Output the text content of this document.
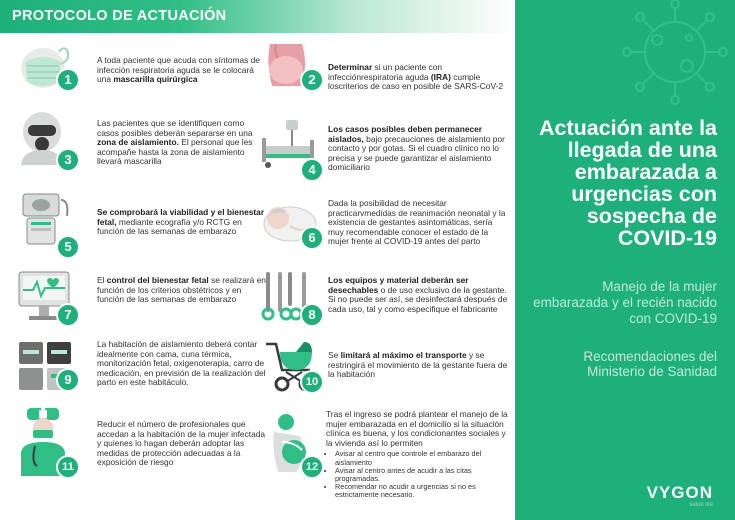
PROTOCOLO DE ACTUACIÓN
1
A toda paciente que acuda con síntomas de infección respiratoria aguda se le colocará una mascarilla quirúrgica	2
Determinar si un paciente con infecciónrespiratoria aguda (IRA) cumple loscriterios de caso en posible de SARS-CoV-2
3
Las pacientes que se identifiquen como casos posibles deberán separarse en una zona de aislamiento. El personal que les acompañe hasta la zona de aislamiento llevará mascarilla
4
Los casos posibles deben permanecer aislados, bajo precauciones de aislamiento por contacto y por gotas. Si el cuadro clínico no lo precisa y se puede garantizar el aislamiento domiciliario
5
Se comprobará la viabilidad y el bienestar fetal, mediante ecografía y/o RCTG en función de las semanas de embarazo	6
Dada la posibilidad de necesitar practicarvmedidas de reanimación neonatal y la existencia de gestantes asintomáticas, sería muy recomendable conocer el estado de la mujer frente al COVID-19 antes del parto
7
El control del bienestar fetal se realizará en función de los criterios obstétricos y en función de las semanas de embarazo
8
Los equipos y material deberán ser desechables o de uso exclusivo de la gestante. Si no puede ser así, se desinfectará después de cada uso, tal y como especifique el fabricante
9
La habitación de aislamiento deberá contar idealmente con cama, cuna térmica, monitorización fetal, oxigenoterapia, carro de medicación, en previsión de la realización del parto en este habitáculo.	10
Se limitará al máximo el transporte y se restringirá el movimiento de la gestante fuera de la habitación
11
Reducir el número de profesionales que accedan a la habitación de la mujer infectada y quienes lo hagan deberán adoptar las medidas de protección adecuadas a la exposición de riesgo	12
Tras el ingreso se podrá plantear el manejo de la mujer embarazada en el domicilio si la situación clínica es buena, y los condicionantes sociales y la vivienda así lo permiten
• Avisar al centro que controle el embarazo del aislamiento
• Avisar al centro antes de acudir a las citas programadas.
• Recomendar no acudir a urgencias si no es estrictamente necesario.
Actuación ante la llegada de una embarazada a urgencias con sospecha de COVID-19
Manejo de la mujer embarazada y el recién nacido con COVID-19
Recomendaciones del Ministerio de Sanidad
VYGON
value life
